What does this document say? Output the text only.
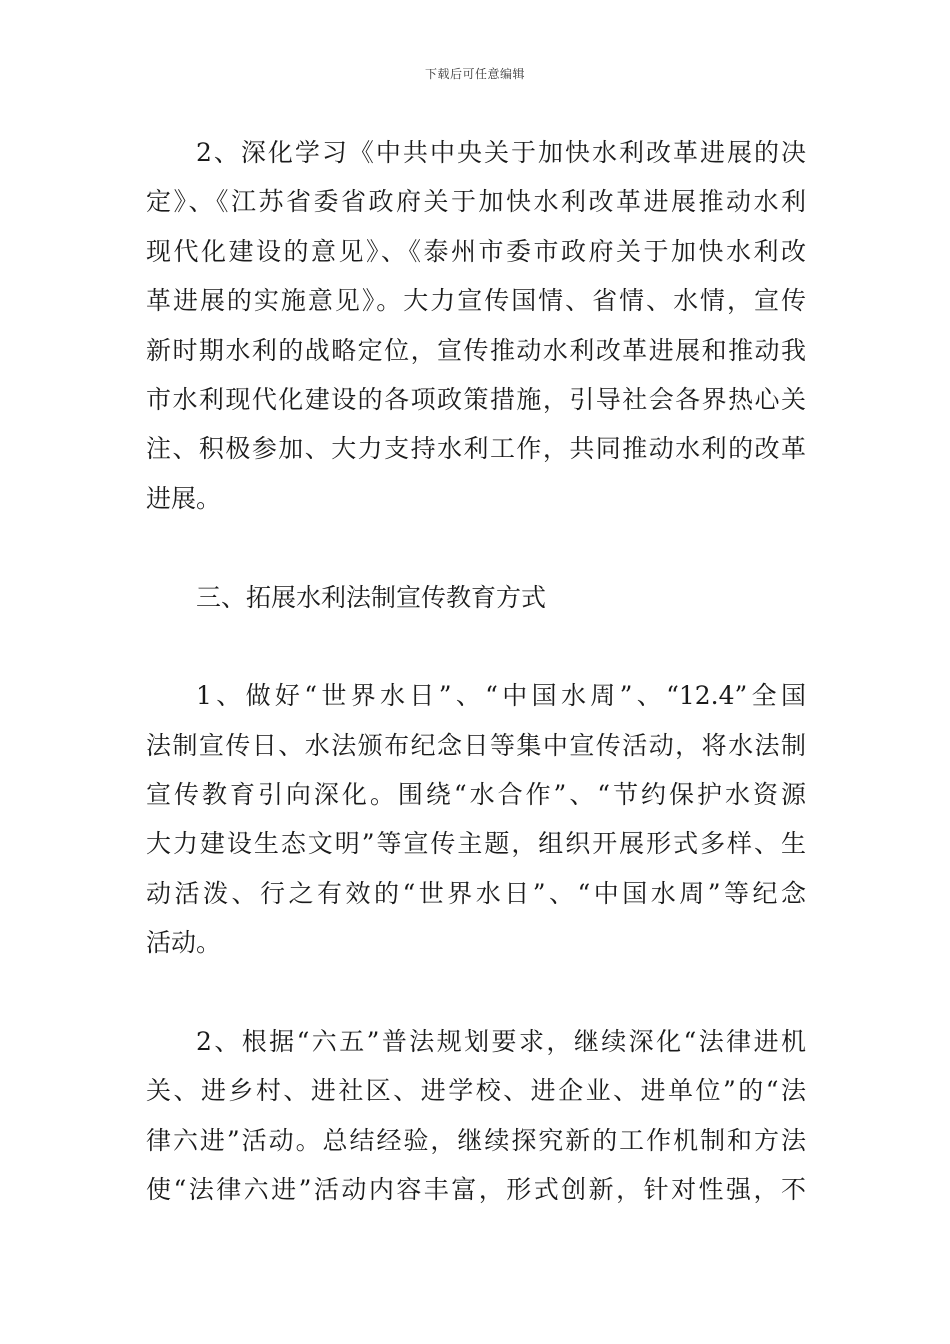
下载后可任意编辑
2、深化学习《中共中央关于加快水利改革进展的决
定》、《江苏省委省政府关于加快水利改革进展推动水利
现代化建设的意见》、《泰州市委市政府关于加快水利改
革进展的实施意见》。大力宣传国情、省情、水情，宣传
新时期水利的战略定位，宣传推动水利改革进展和推动我
市水利现代化建设的各项政策措施，引导社会各界热心关
注、积极参加、大力支持水利工作，共同推动水利的改革
进展。
三、拓展水利法制宣传教育方式
1、做好“世界水日”、“中国水周”、“12.4”全国
法制宣传日、水法颁布纪念日等集中宣传活动，将水法制
宣传教育引向深化。围绕“水合作”、“节约保护水资源
大力建设生态文明”等宣传主题，组织开展形式多样、生
动活泼、行之有效的“世界水日”、“中国水周”等纪念
活动。
2、根据“六五”普法规划要求，继续深化“法律进机
关、进乡村、进社区、进学校、进企业、进单位”的“法
律六进”活动。总结经验，继续探究新的工作机制和方法
使“法律六进”活动内容丰富，形式创新，针对性强，不
